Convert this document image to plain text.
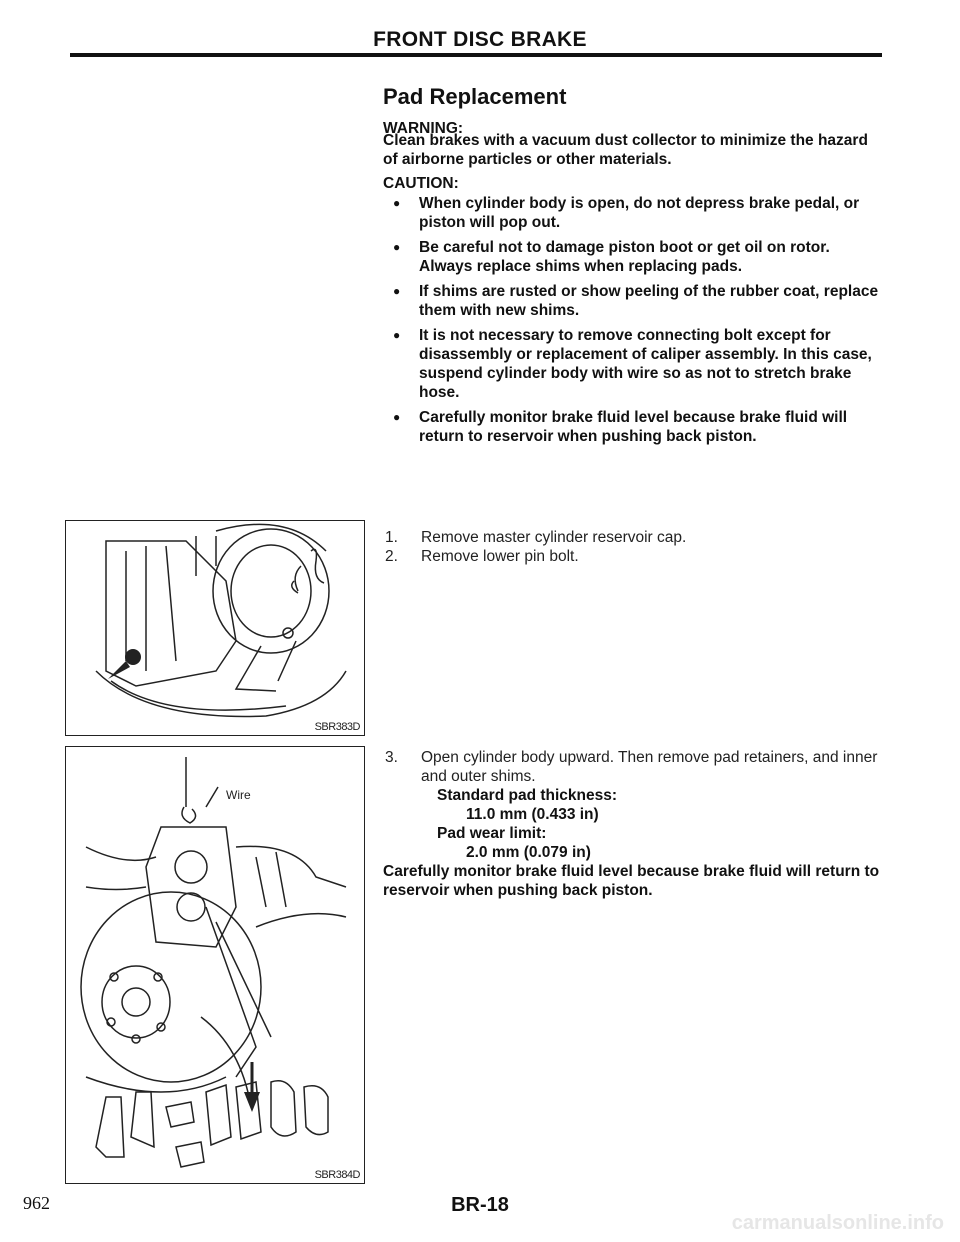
FRONT DISC BRAKE
Pad Replacement
WARNING:
Clean brakes with a vacuum dust collector to minimize the hazard of airborne particles or other materials.
CAUTION:
● When cylinder body is open, do not depress brake pedal, or piston will pop out.
● Be careful not to damage piston boot or get oil on rotor. Always replace shims when replacing pads.
● If shims are rusted or show peeling of the rubber coat, replace them with new shims.
● It is not necessary to remove connecting bolt except for disassembly or replacement of caliper assembly. In this case, suspend cylinder body with wire so as not to stretch brake hose.
● Carefully monitor brake fluid level because brake fluid will return to reservoir when pushing back piston.
1.	Remove master cylinder reservoir cap.
2.	Remove lower pin bolt.
3.	Open cylinder body upward. Then remove pad retainers, and inner and outer shims.
Standard pad thickness:
11.0 mm (0.433 in)
Pad wear limit:
2.0 mm (0.079 in)
Carefully monitor brake fluid level because brake fluid will return to reservoir when pushing back piston.
SBR383D
Wire
SBR384D
962	BR-18
carmanualsonline.info
